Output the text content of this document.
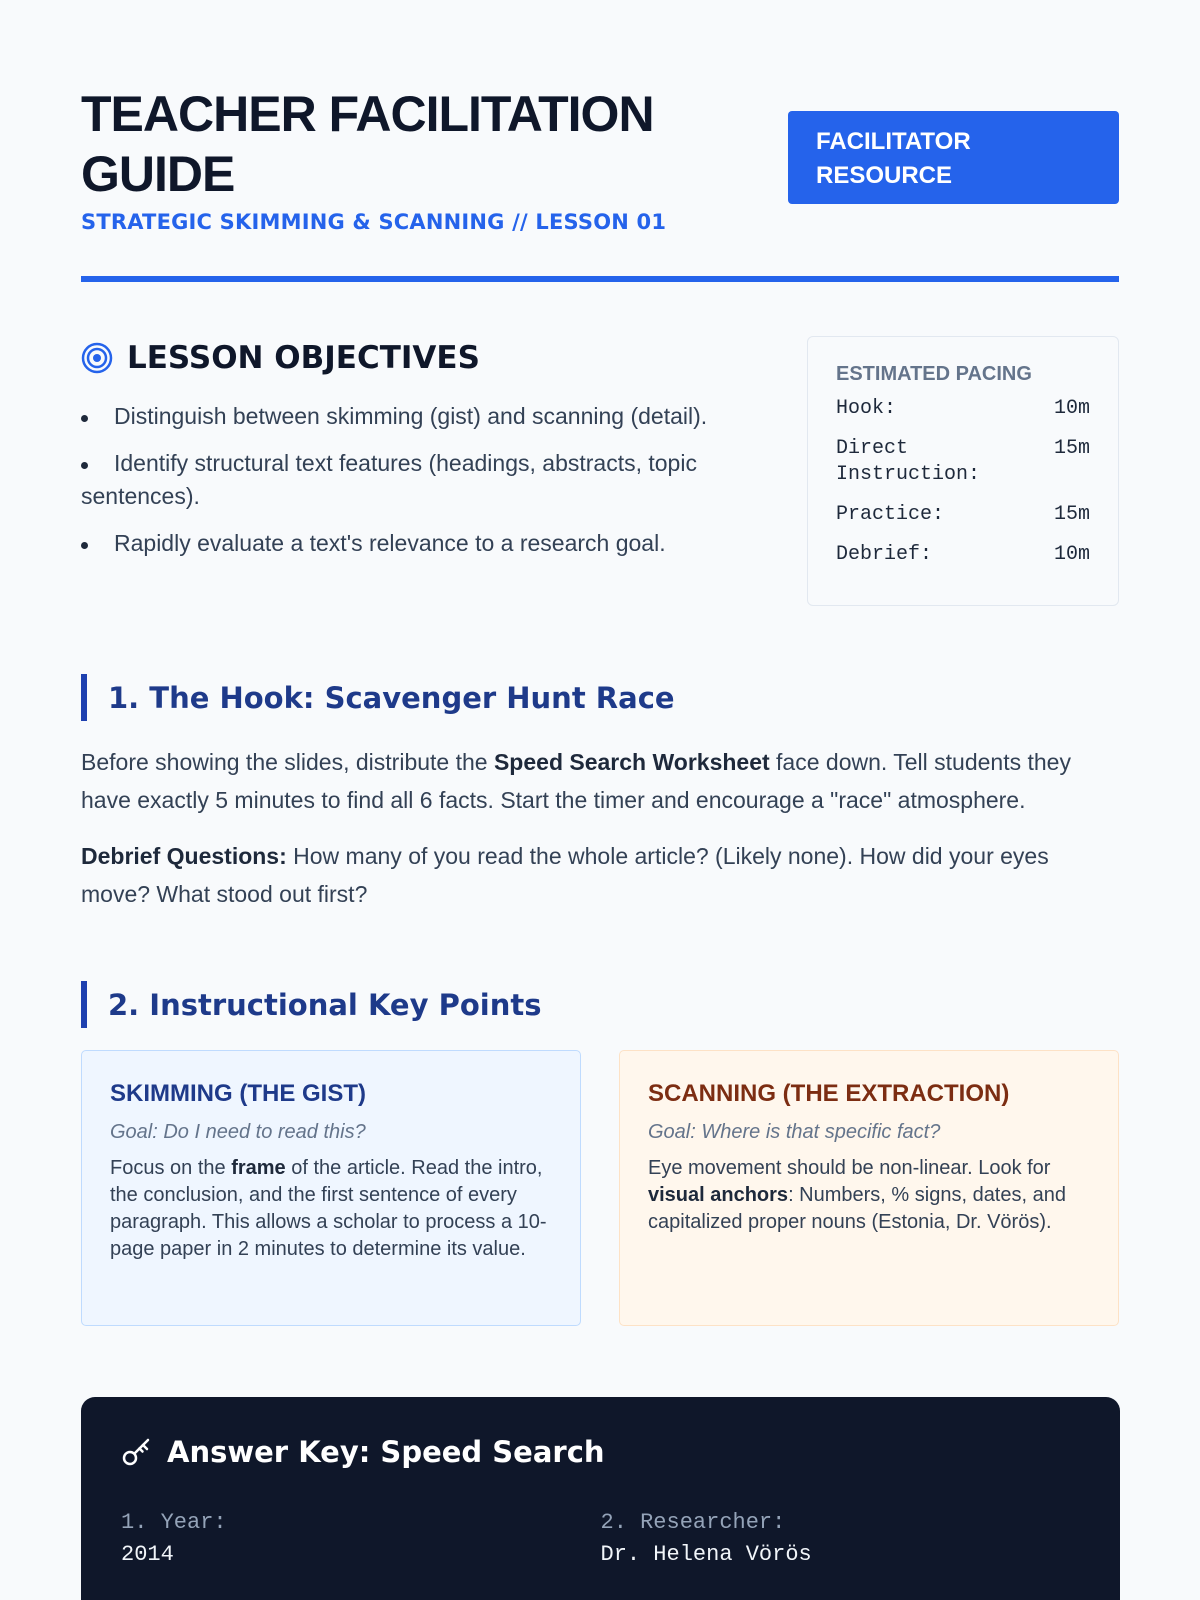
TEACHER FACILITATION GUIDE
STRATEGIC SKIMMING & SCANNING // LESSON 01
FACILITATOR RESOURCE
LESSON OBJECTIVES
Distinguish between skimming (gist) and scanning (detail).
Identify structural text features (headings, abstracts, topic sentences).
Rapidly evaluate a text's relevance to a research goal.
ESTIMATED PACING
Hook:	10m
Direct Instruction:
15m
Practice:	15m
Debrief:	10m
1. The Hook: Scavenger Hunt Race

Before showing the slides, distribute the Speed Search Worksheet face down. Tell students they have exactly 5 minutes to find all 6 facts. Start the timer and encourage a "race" atmosphere.

Debrief Questions: How many of you read the whole article? (Likely none). How did your eyes move? What stood out first?

2. Instructional Key Points
SKIMMING (THE GIST)
Goal: Do I need to read this?

Focus on the frame of the article. Read the intro, the conclusion, and the first sentence of every paragraph. This allows a scholar to process a 10-page paper in 2 minutes to determine its value.

SCANNING (THE EXTRACTION)
Goal: Where is that specific fact?

Eye movement should be non-linear. Look for visual anchors: Numbers, % signs, dates, and capitalized proper nouns (Estonia, Dr. Vörös).

Answer Key: Speed Search
1. Year:
2014
2. Researcher:
Dr. Helena Vörös
